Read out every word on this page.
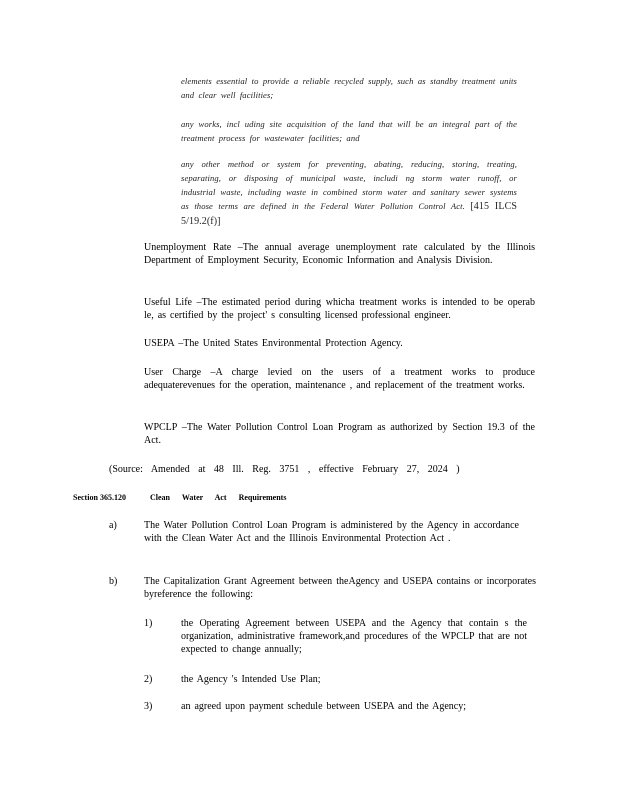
elements essential to provide a reliable recycled supply, such as standby treatment units and clear well facilities;
any works, incl uding site acquisition of the land that will be an integral part of the treatment process for wastewater facilities; and
any other method or system for preventing, abating, reducing, storing, treating, separating, or disposing of municipal waste, includi ng storm water runoff, or industrial waste, including waste in combined storm water and sanitary sewer systems as those terms are defined in the Federal Water Pollution Control Act. [415 ILCS 5/19.2(f)]
Unemployment Rate –The annual average unemployment rate calculated by the Illinois Department of Employment Security, Economic Information and Analysis Division.
Useful Life –The estimated period during whicha treatment works is intended to be operab le, as certified by the project' s consulting licensed professional engineer.
USEPA –The United States Environmental Protection Agency.
User Charge –A charge levied on the users of a treatment works to produce adequaterevenues for the operation, maintenance , and replacement of the treatment works.
WPCLP –The Water Pollution Control Loan Program as authorized by Section 19.3 of the Act.
(Source: Amended at 48 Ill. Reg. 3751 , effective February 27, 2024 )
Section 365.120	Clean Water Act Requirements
a)	The Water Pollution Control Loan Program is administered by the Agency in accordance with the Clean Water Act and the Illinois Environmental Protection Act .
b)	The Capitalization Grant Agreement between theAgency and USEPA contains or incorporates byreference the following:
1)	the Operating Agreement between USEPA and the Agency that contain s the organization, administrative framework,and procedures of the WPCLP that are not expected to change annually;
2)	the Agency 's Intended Use Plan;
3)	an agreed upon payment schedule between USEPA and the Agency;
